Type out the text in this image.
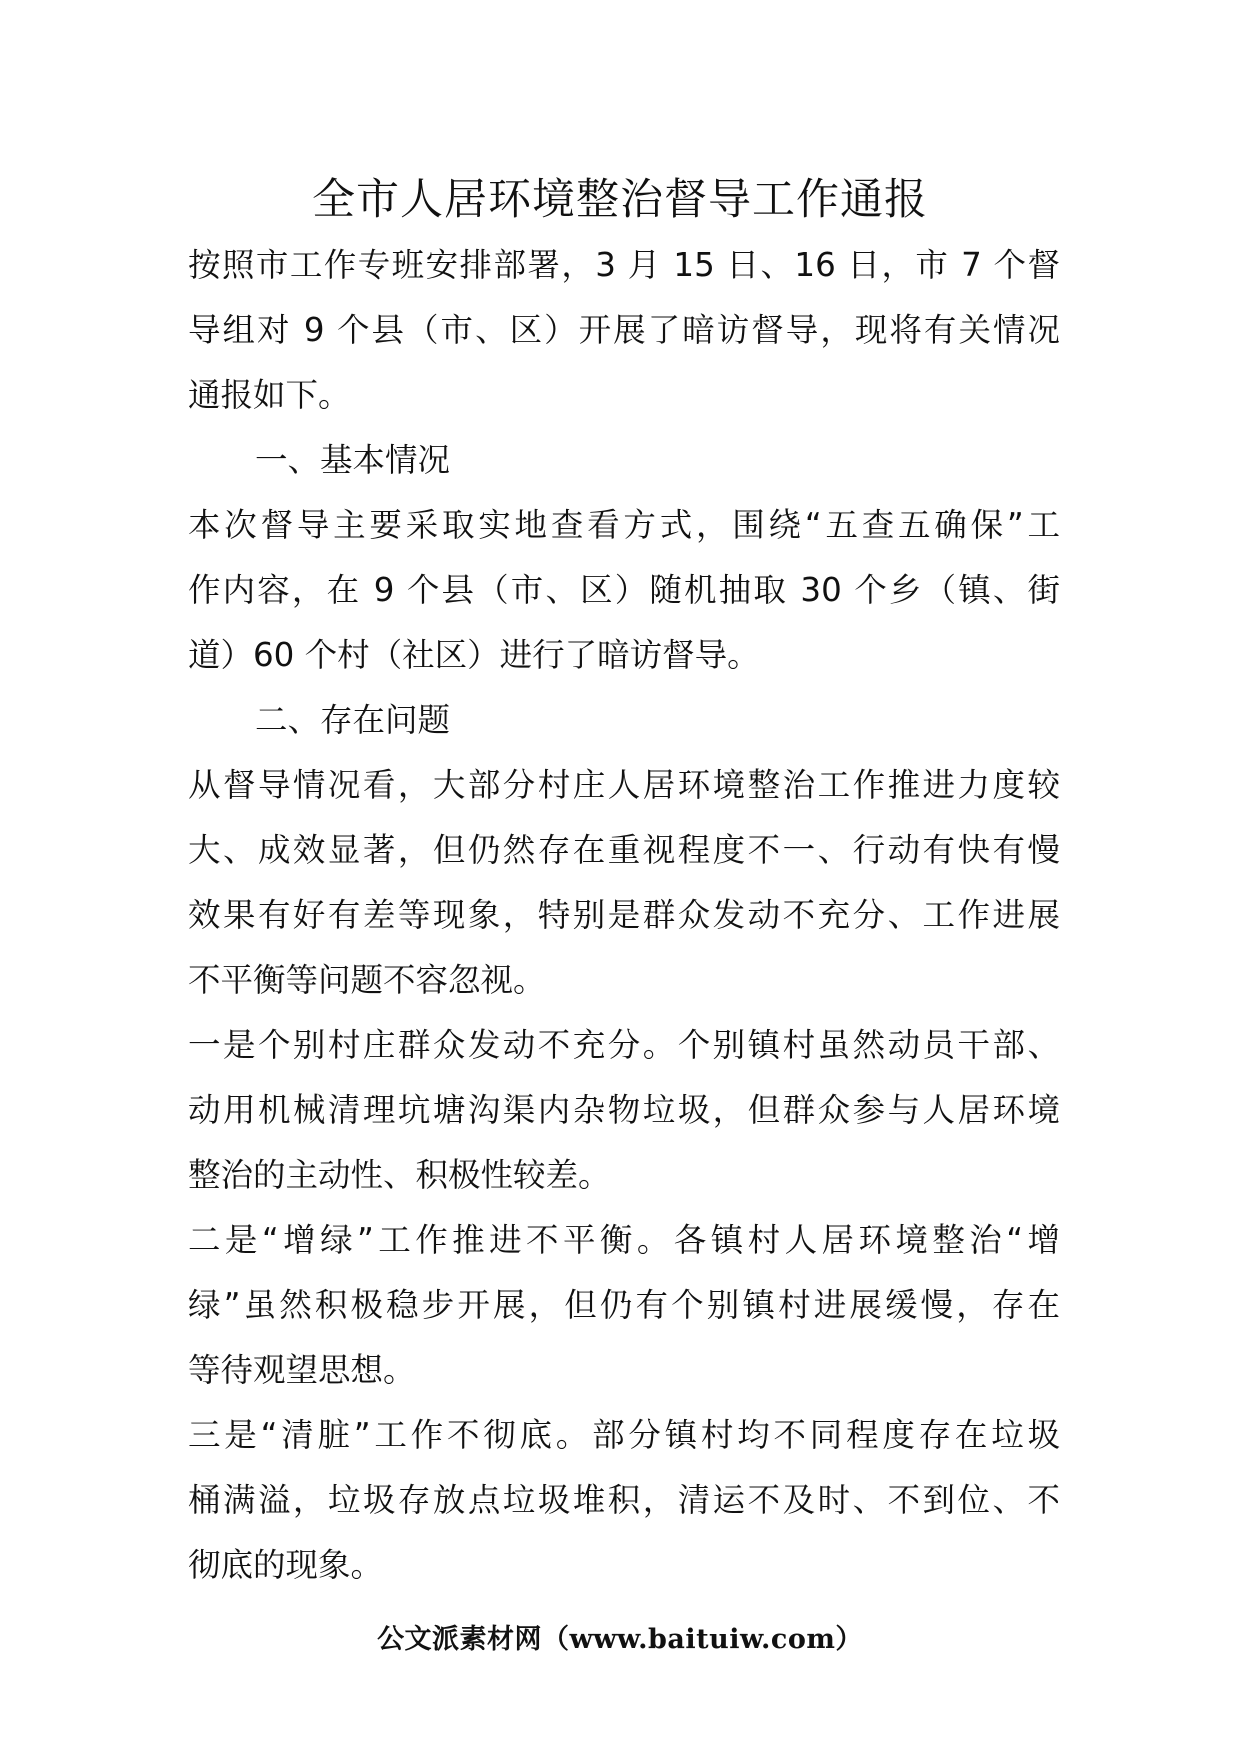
全市人居环境整治督导工作通报
按照市工作专班安排部署，3 月 15 日、16 日，市 7 个督
导组对 9 个县（市、区）开展了暗访督导，现将有关情况
通报如下。
一、基本情况
本次督导主要采取实地查看方式，围绕“五查五确保”工
作内容，在 9 个县（市、区）随机抽取 30 个乡（镇、街
道）60 个村（社区）进行了暗访督导。
二、存在问题
从督导情况看，大部分村庄人居环境整治工作推进力度较
大、成效显著，但仍然存在重视程度不一、行动有快有慢
效果有好有差等现象，特别是群众发动不充分、工作进展
不平衡等问题不容忽视。
一是个别村庄群众发动不充分。个别镇村虽然动员干部、
动用机械清理坑塘沟渠内杂物垃圾，但群众参与人居环境
整治的主动性、积极性较差。
二是“增绿”工作推进不平衡。各镇村人居环境整治“增
绿”虽然积极稳步开展，但仍有个别镇村进展缓慢，存在
等待观望思想。
三是“清脏”工作不彻底。部分镇村均不同程度存在垃圾
桶满溢，垃圾存放点垃圾堆积，清运不及时、不到位、不
彻底的现象。
公文派素材网（www.baituiw.com）
